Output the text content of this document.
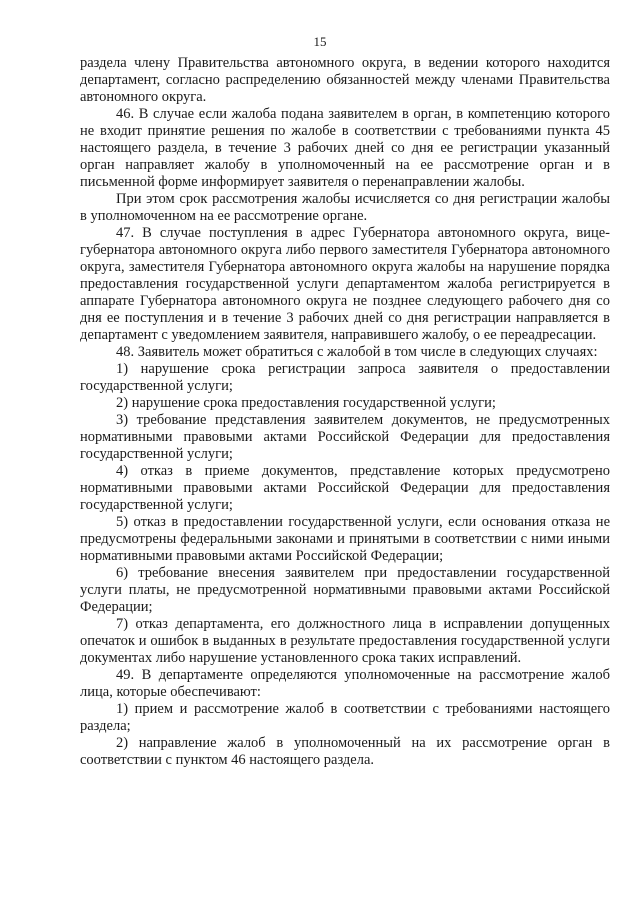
15

раздела члену Правительства автономного округа, в ведении которого находится департамент, согласно распределению обязанностей между членами Правительства автономного округа.

46. В случае если жалоба подана заявителем в орган, в компетенцию которого не входит принятие решения по жалобе в соответствии с требованиями пункта 45 настоящего раздела, в течение 3 рабочих дней со дня ее регистрации указанный орган направляет жалобу в уполномоченный на ее рассмотрение орган и в письменной форме информирует заявителя о перенаправлении жалобы.

При этом срок рассмотрения жалобы исчисляется со дня регистрации жалобы в уполномоченном на ее рассмотрение органе.

47. В случае поступления в адрес Губернатора автономного округа, вице-губернатора автономного округа либо первого заместителя Губернатора автономного округа, заместителя Губернатора автономного округа жалобы на нарушение порядка предоставления государственной услуги департаментом жалоба регистрируется в аппарате Губернатора автономного округа не позднее следующего рабочего дня со дня ее поступления и в течение 3 рабочих дней со дня регистрации направляется в департамент с уведомлением заявителя, направившего жалобу, о ее переадресации.

48. Заявитель может обратиться с жалобой в том числе в следующих случаях:

1) нарушение срока регистрации запроса заявителя о предоставлении государственной услуги;

2) нарушение срока предоставления государственной услуги;

3) требование представления заявителем документов, не предусмотренных нормативными правовыми актами Российской Федерации для предоставления государственной услуги;

4) отказ в приеме документов, представление которых предусмотрено нормативными правовыми актами Российской Федерации для предоставления государственной услуги;

5) отказ в предоставлении государственной услуги, если основания отказа не предусмотрены федеральными законами и принятыми в соответствии с ними иными нормативными правовыми актами Российской Федерации;

6) требование внесения заявителем при предоставлении государственной услуги платы, не предусмотренной нормативными правовыми актами Российской Федерации;

7) отказ департамента, его должностного лица в исправлении допущенных опечаток и ошибок в выданных в результате предоставления государственной услуги документах либо нарушение установленного срока таких исправлений.

49. В департаменте определяются уполномоченные на рассмотрение жалоб лица, которые обеспечивают:

1) прием и рассмотрение жалоб в соответствии с требованиями настоящего раздела;

2) направление жалоб в уполномоченный на их рассмотрение орган в соответствии с пунктом 46 настоящего раздела.
